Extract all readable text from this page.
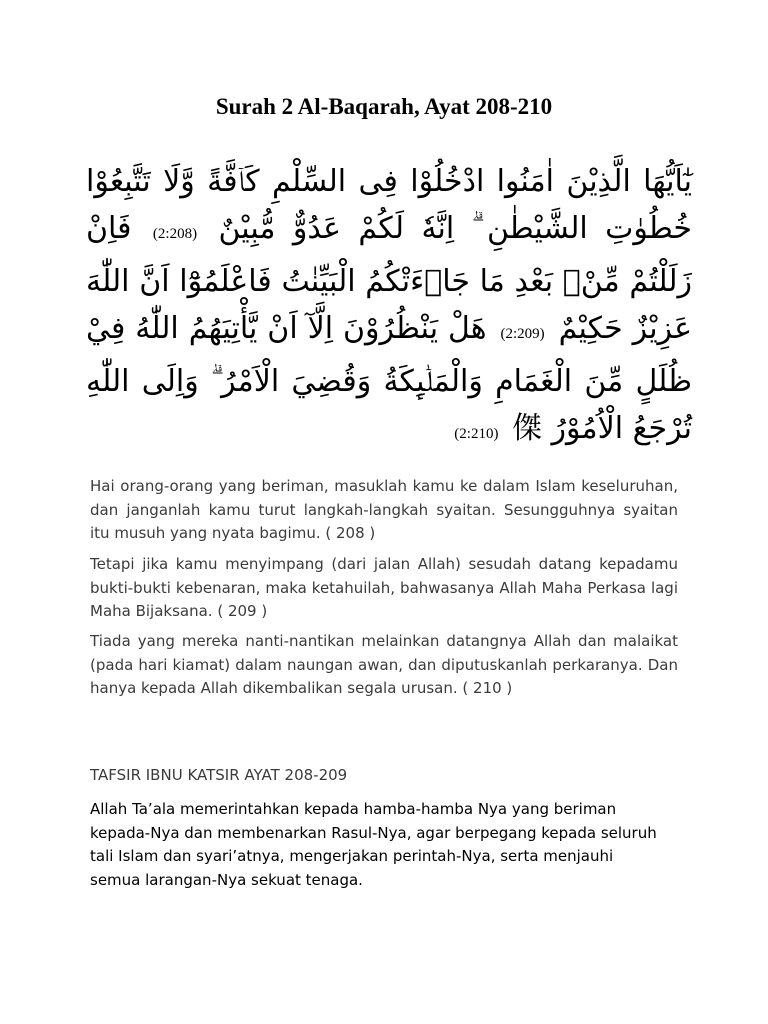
Surah 2 Al-Baqarah, Ayat 208-210
يٰٓاَيُّهَا الَّذِيْنَ اٰمَنُوا ادْخُلُوْا فِى السِّلْمِ كَاۤفَّةً وَّلَا تَتَّبِعُوْا خُطُوٰتِ الشَّيْطٰنِ ۗ اِنَّهٗ لَكُمْ عَدُوٌّ مُّبِيْنٌ (2:208) فَاِنْ زَلَلْتُمْ مِّنْۢ بَعْدِ مَا جَاۤءَتْكُمُ الْبَيِّنٰتُ فَاعْلَمُوْٓا اَنَّ اللّٰهَ عَزِيْزٌ حَكِيْمٌ (2:209) هَلْ يَنْظُرُوْنَ اِلَّآ اَنْ يَّأْتِيَهُمُ اللّٰهُ فِيْ ظُلَلٍ مِّنَ الْغَمَامِ وَالْمَلٰۤىِٕكَةُ وَقُضِيَ الْاَمْرُ ۗ وَاِلَى اللّٰهِ تُرْجَعُ الْاُمُوْرُ 傑 (2:210)

Hai orang-orang yang beriman, masuklah kamu ke dalam Islam keseluruhan, dan janganlah kamu turut langkah-langkah syaitan. Sesungguhnya syaitan itu musuh yang nyata bagimu. ( 208 )

Tetapi jika kamu menyimpang (dari jalan Allah) sesudah datang kepadamu bukti-bukti kebenaran, maka ketahuilah, bahwasanya Allah Maha Perkasa lagi Maha Bijaksana. ( 209 )

Tiada yang mereka nanti-nantikan melainkan datangnya Allah dan malaikat (pada hari kiamat) dalam naungan awan, dan diputuskanlah perkaranya. Dan hanya kepada Allah dikembalikan segala urusan. ( 210 )

TAFSIR IBNU KATSIR AYAT 208-209

Allah Ta’ala memerintahkan kepada hamba-hamba Nya yang beriman kepada-Nya dan membenarkan Rasul-Nya, agar berpegang kepada seluruh tali Islam dan syari’atnya, mengerjakan perintah-Nya, serta menjauhi semua larangan-Nya sekuat tenaga.
